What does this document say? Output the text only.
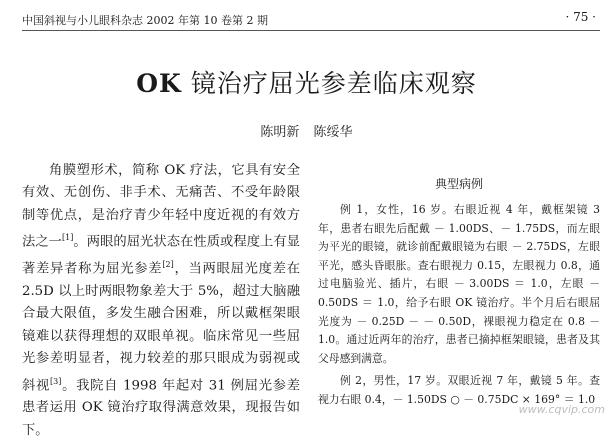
中国斜视与小儿眼科杂志 2002 年第 10 卷第 2 期	· 75 ·
OK 镜治疗屈光参差临床观察
陈明新 陈绥华

角膜塑形术，简称 OK 疗法，它具有安全有效、无创伤、非手术、无痛苦、不受年龄限制等优点，是治疗青少年轻中度近视的有效方法之一[1]。两眼的屈光状态在性质或程度上有显著差异者称为屈光参差[2]，当两眼屈光度差在 2.5D 以上时两眼物象差大于 5%，超过大脑融合最大限值，多发生融合困难，所以戴框架眼镜难以获得理想的双眼单视。临床常见一些屈光参差明显者，视力较差的那只眼成为弱视或斜视[3]。我院自 1998 年起对 31 例屈光参差患者运用 OK 镜治疗取得满意效果，现报告如下。

典型病例

例 1，女性，16 岁。右眼近视 4 年，戴框架镜 3 年，患者右眼先后配戴 － 1.00DS、－ 1.75DS，而左眼为平光的眼镜，就诊前配戴眼镜为右眼 － 2.75DS，左眼平光，感头昏眼胀。查右眼视力 0.15，左眼视力 0.8，通过电脑验光、插片，右眼 － 3.00DS ＝ 1.0，左眼 － 0.50DS ＝ 1.0，给予右眼 OK 镜治疗。半个月后右眼屈光度为 － 0.25D － － 0.50D，裸眼视力稳定在 0.8 － 1.0。通过近两年的治疗，患者已摘掉框架眼镜，患者及其父母感到满意。

例 2，男性，17 岁。双眼近视 7 年，戴镜 5 年。查视力右眼 0.4，－ 1.50DS ○ － 0.75DC × 169° ＝ 1.0

www.cqvip.com
